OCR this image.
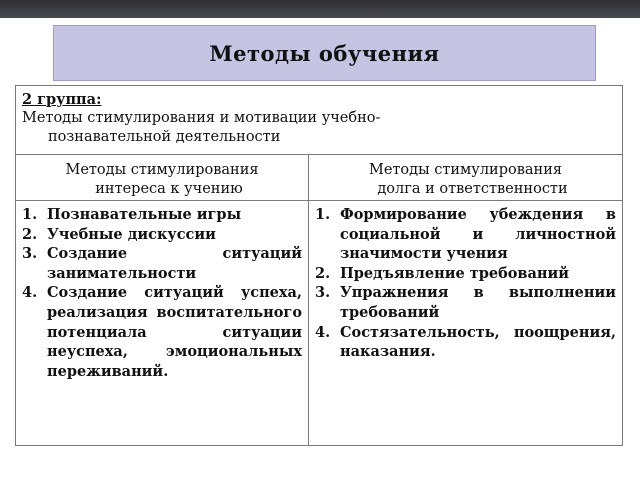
Методы обучения
2 группа:
Методы стимулирования и мотивации учебно-
познавательной деятельности
Методы стимулирования
интереса к учению
Методы стимулирования
долга и ответственности
1. Познавательные игры
2. Учебные дискуссии
3. Создание ситуаций занимательности
4. Создание ситуаций успеха, реализация воспитательного потенциала ситуации неуспеха, эмоциональных переживаний.
1. Формирование убеждения в социальной и личностной значимости учения
2. Предъявление требований
3. Упражнения в выполнении требований
4. Состязательность, поощрения, наказания.
